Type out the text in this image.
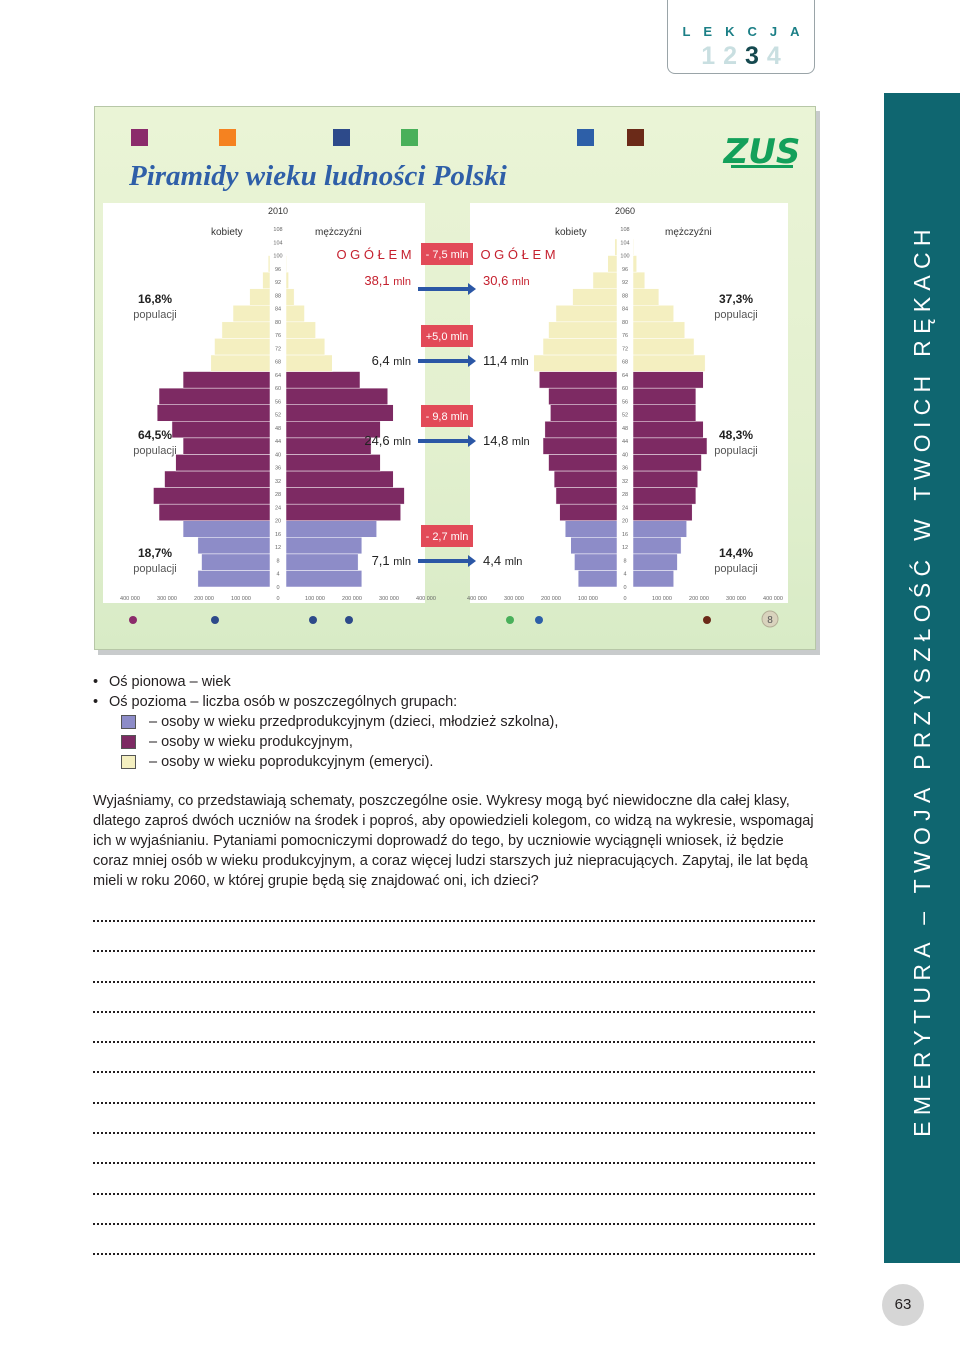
LEKCJA
1234
EMERYTURA – TWOJA PRZYSZŁOŚĆ W TWOICH RĘKACH
63
Piramidy wieku ludności Polski
ZUS
0
4
8
12
16
20
24
28
32
36
40
44
48
52
56
60
64
68
72
76
80
84
88
92
96
100
104
108
400 000	300 000	200 000	100 000	0	100 000	200 000	300 000	400 000
0
4
8
12
16
20
24
28
32
36
40
44
48
52
56
60
64
68
72
76
80
84
88
92
96
100
104
108
400 000	300 000	200 000	100 000	0	100 000	200 000	300 000	400 000
2010	2060
kobiety	mężczyźni	kobiety	mężczyźni
16,8%
populacji
64,5%
populacji
18,7%
populacji
37,3%
populacji
48,3%
populacji
14,4%
populacji
O G Ó Ł E M	O G Ó Ł E M
- 7,5 mln
38,1 mln	30,6 mln
+5,0 mln
6,4 mln	11,4 mln
- 9,8 mln
24,6 mln	14,8 mln
- 2,7 mln
7,1 mln	4,4 mln
8
• Oś pionowa – wiek
• Oś pozioma – liczba osób w poszczególnych grupach:
– osoby w wieku przedprodukcyjnym (dzieci, młodzież szkolna),
– osoby w wieku produkcyjnym,
– osoby w wieku poprodukcyjnym (emeryci).
Wyjaśniamy, co przedstawiają schematy, poszczególne osie. Wykresy mogą być niewidoczne dla całej klasy, dlatego zaproś dwóch uczniów na środek i poproś, aby opowiedzieli kolegom, co widzą na wykresie, wspomagaj ich w wyjaśnianiu. Pytaniami pomocniczymi doprowadź do tego, by uczniowie wyciągnęli wniosek, iż będzie coraz mniej osób w wieku produkcyjnym, a coraz więcej ludzi starszych już niepracujących. Zapytaj, ile lat będą mieli w roku 2060, w której grupie będą się znajdować oni, ich dzieci?
